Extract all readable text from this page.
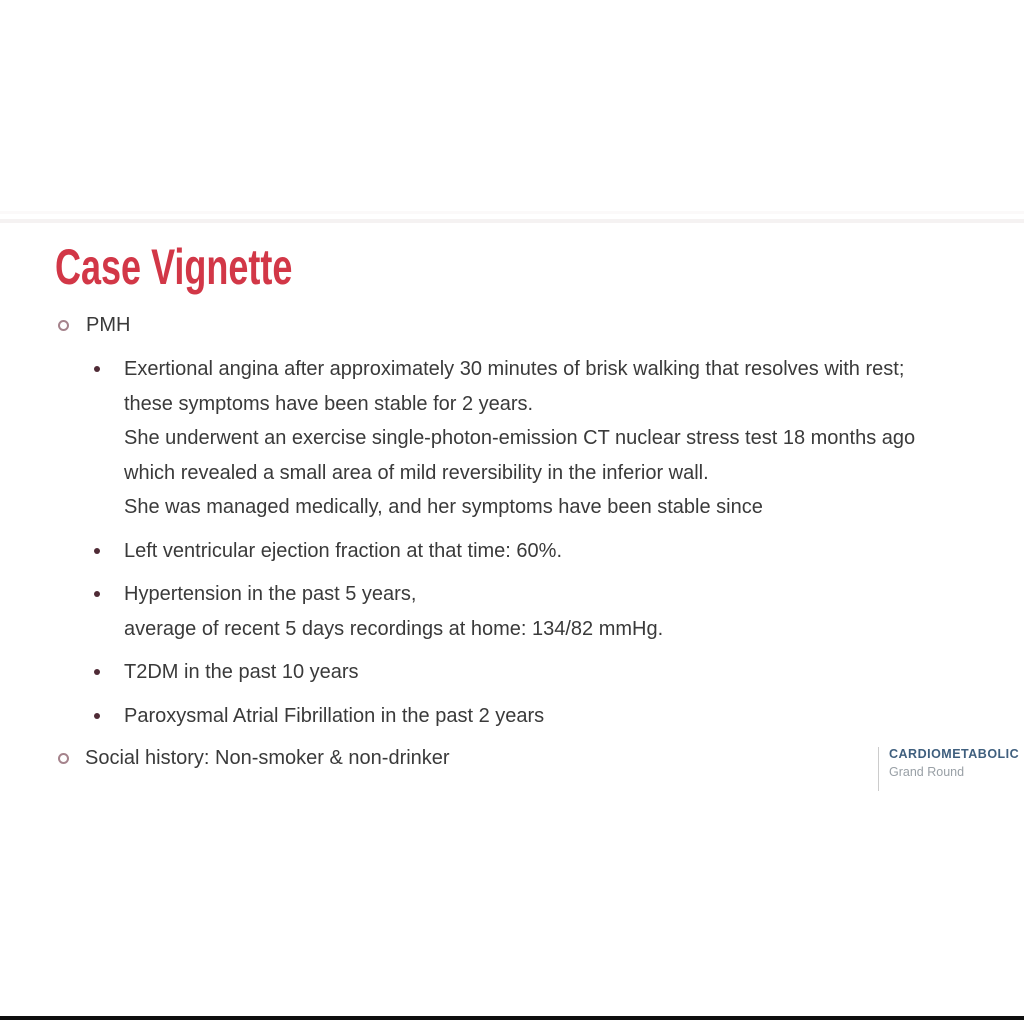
Case Vignette
PMH
Exertional angina after approximately 30 minutes of brisk walking that resolves with rest;
these symptoms have been stable for 2 years.
She underwent an exercise single-photon-emission CT nuclear stress test 18 months ago
which revealed a small area of mild reversibility in the inferior wall.
She was managed medically, and her symptoms have been stable since
Left ventricular ejection fraction at that time: 60%.
Hypertension in the past 5 years,
average of recent 5 days recordings at home: 134/82 mmHg.
T2DM in the past 10 years
Paroxysmal Atrial Fibrillation in the past 2 years
Social history: Non-smoker & non-drinker	CARDIOMETABOLIC
Grand Round
